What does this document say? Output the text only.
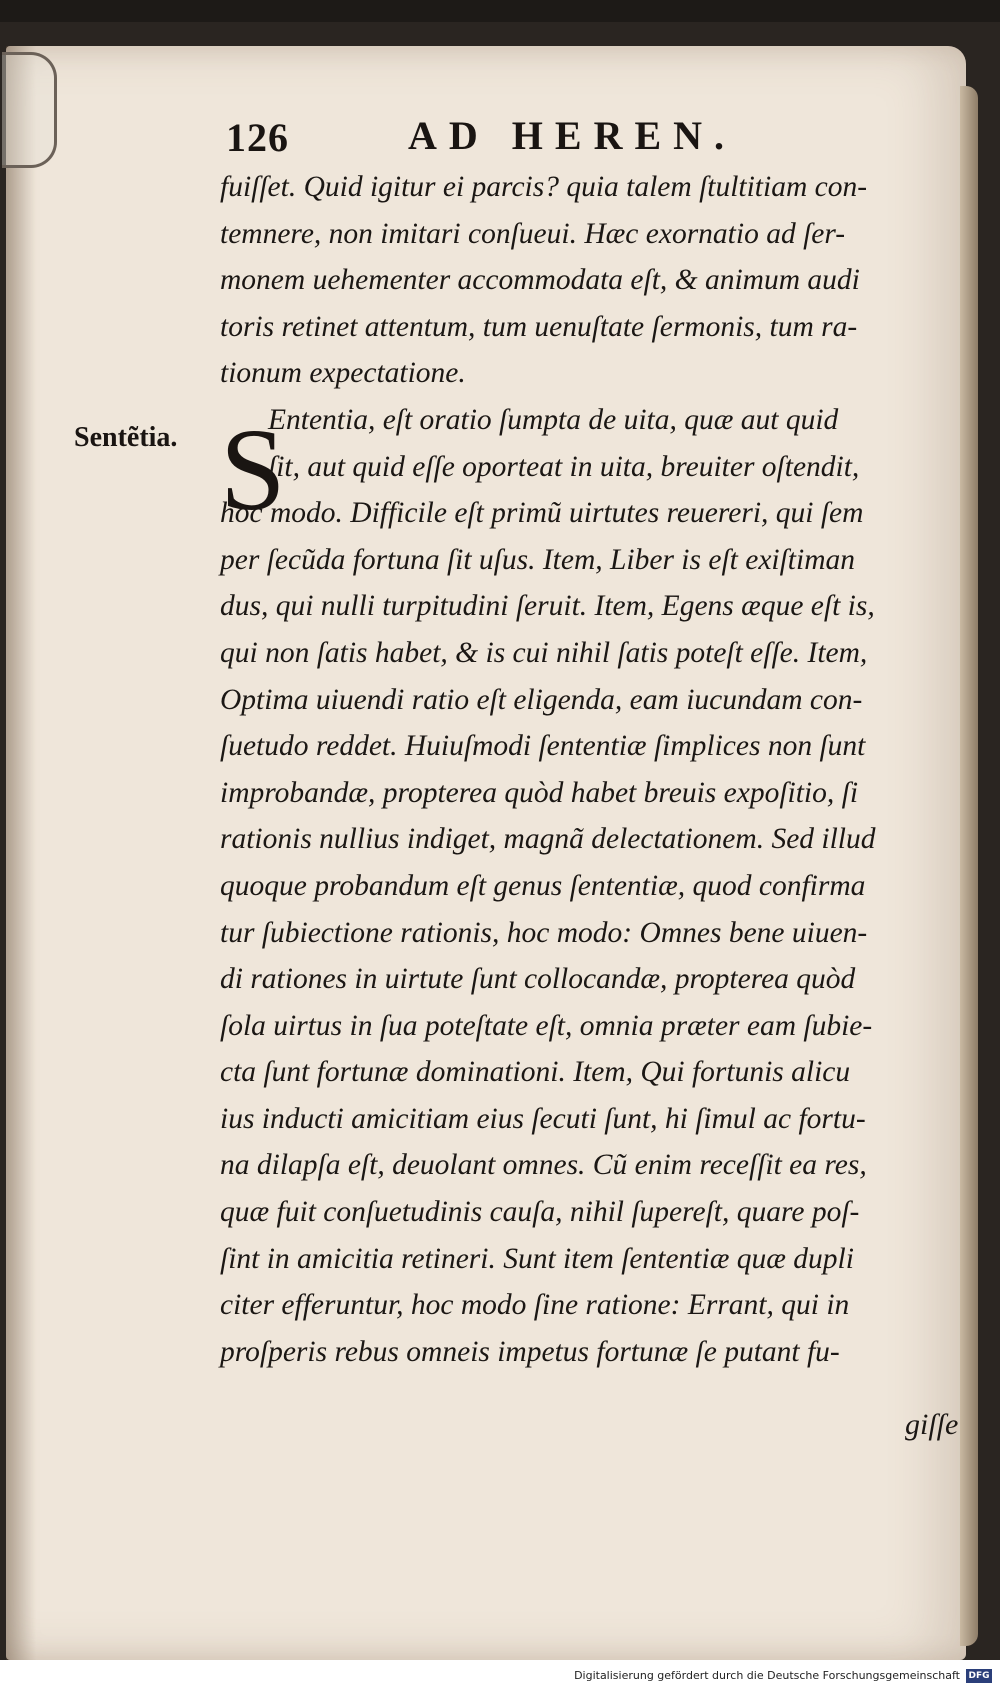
126	AD HEREN.
Sentẽtia. S
fuiſſet. Quid igitur ei parcis? quia talem ſtultitiam con-
temnere, non imitari conſueui. Hæc exornatio ad ſer-
monem uehementer accommodata eſt, & animum audi
toris retinet attentum, tum uenuſtate ſermonis, tum ra-
tionum expectatione.
Ententia, eſt oratio ſumpta de uita, quæ aut quid
ſit, aut quid eſſe oporteat in uita, breuiter oſtendit,
hoc modo. Difficile eſt primũ uirtutes reuereri, qui ſem
per ſecũda fortuna ſit uſus. Item, Liber is eſt exiſtiman
dus, qui nulli turpitudini ſeruit. Item, Egens æque eſt is,
qui non ſatis habet, & is cui nihil ſatis poteſt eſſe. Item,
Optima uiuendi ratio eſt eligenda, eam iucundam con-
ſuetudo reddet. Huiuſmodi ſententiæ ſimplices non ſunt
improbandæ, propterea quòd habet breuis expoſitio, ſi
rationis nullius indiget, magnã delectationem. Sed illud
quoque probandum eſt genus ſententiæ, quod confirma
tur ſubiectione rationis, hoc modo: Omnes bene uiuen-
di rationes in uirtute ſunt collocandæ, propterea quòd
ſola uirtus in ſua poteſtate eſt, omnia præter eam ſubie-
cta ſunt fortunæ dominationi. Item, Qui fortunis alicu
ius inducti amicitiam eius ſecuti ſunt, hi ſimul ac fortu-
na dilapſa eſt, deuolant omnes. Cũ enim receſſit ea res,
quæ fuit conſuetudinis cauſa, nihil ſupereſt, quare poſ-
ſint in amicitia retineri. Sunt item ſententiæ quæ dupli
citer efferuntur, hoc modo ſine ratione: Errant, qui in
proſperis rebus omneis impetus fortunæ ſe putant fu-
giſſe
Digitalisierung gefördert durch die Deutsche Forschungsgemeinschaft DFG
